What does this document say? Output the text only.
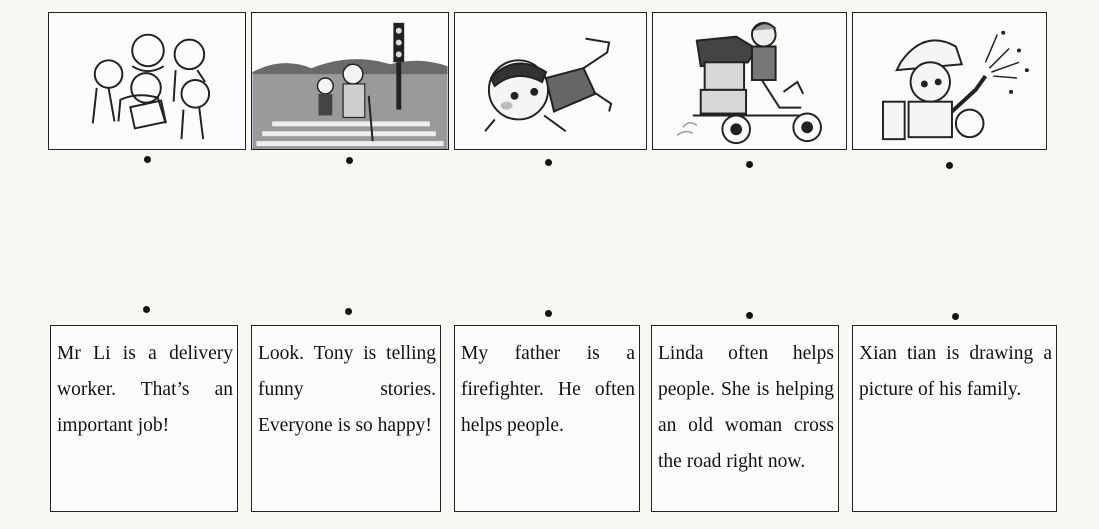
Mr Li is a delivery worker. That’s an important job!
Look. Tony is telling funny stories. Everyone is so happy!
My father is a firefighter. He often helps people.
Linda often helps people. She is helping an old woman cross the road right now.
Xian tian is drawing a picture of his family.
